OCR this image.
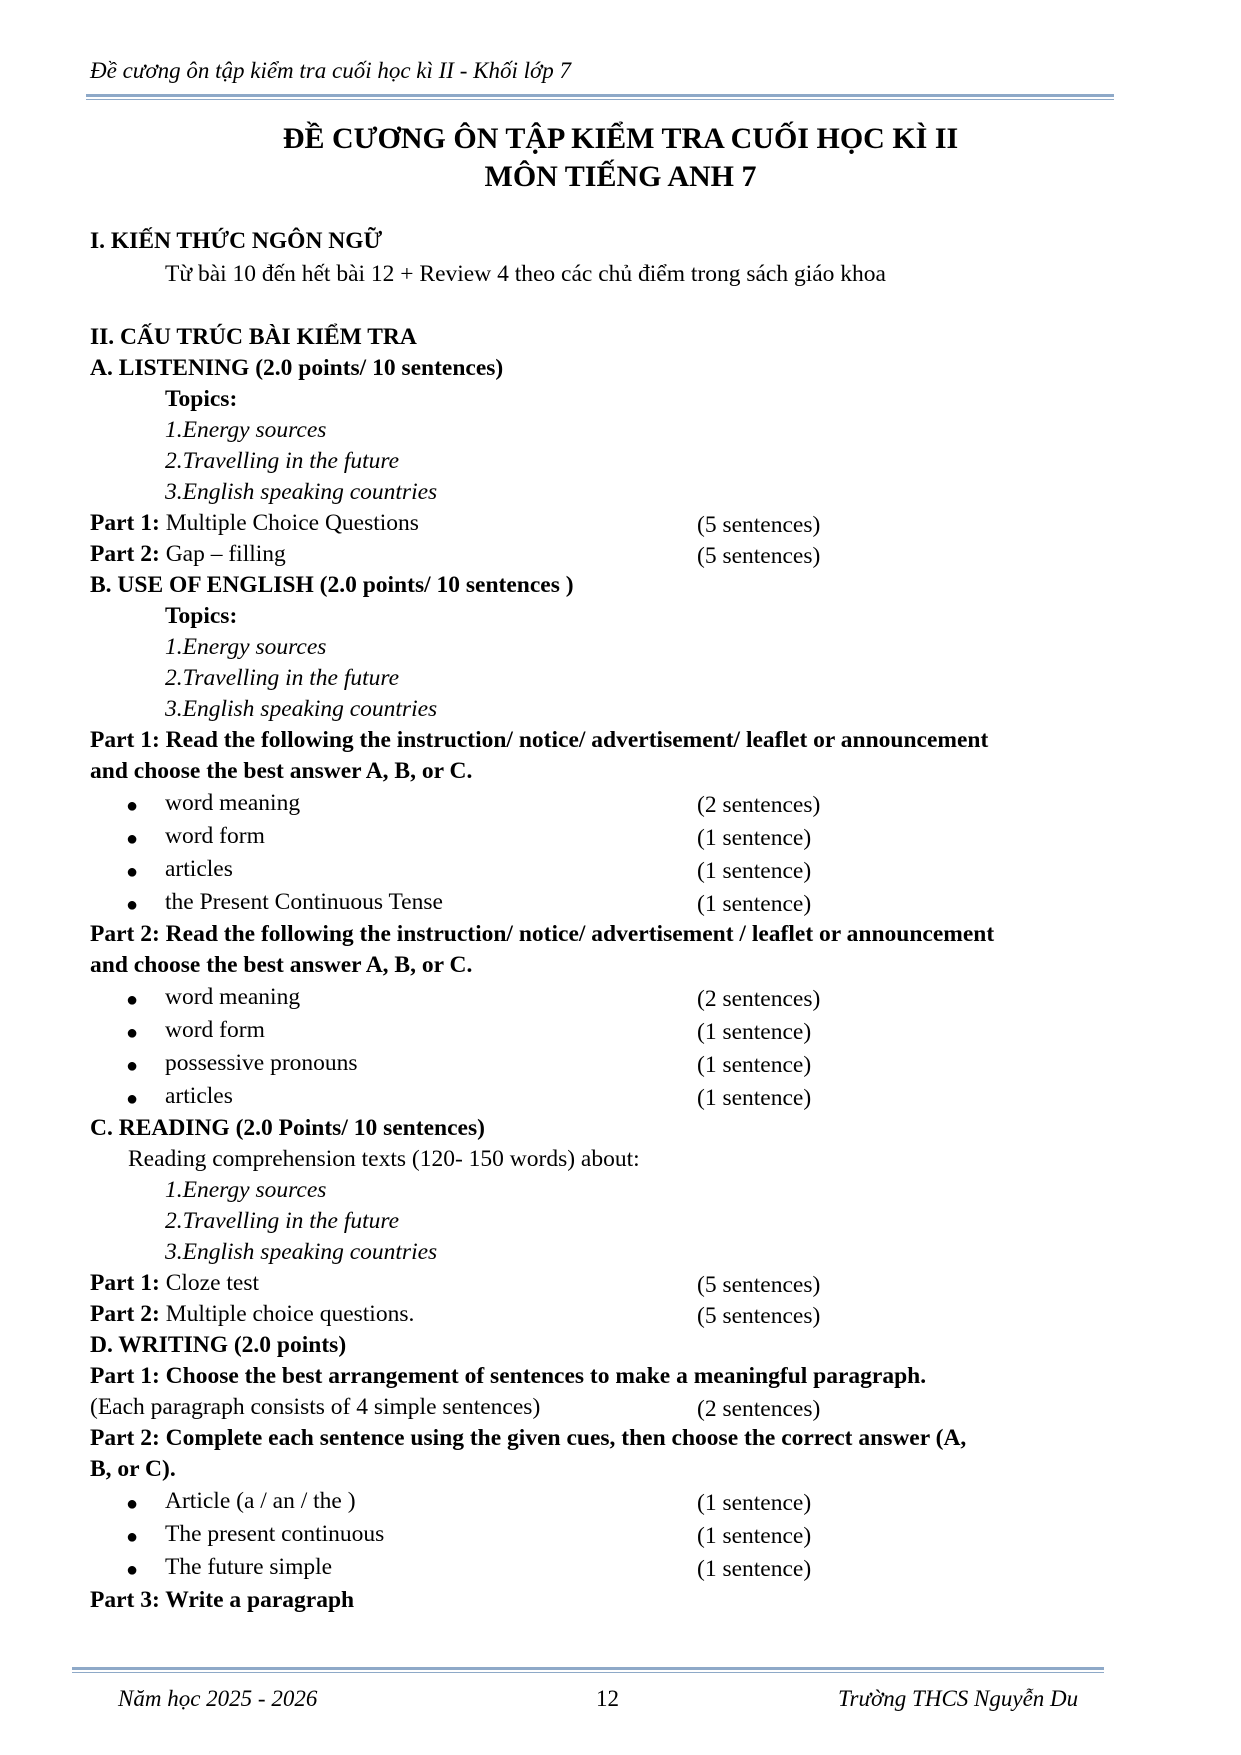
Đề cương ôn tập kiểm tra cuối học kì II - Khối lớp 7
ĐỀ CƯƠNG ÔN TẬP KIỂM TRA CUỐI HỌC KÌ II
MÔN TIẾNG ANH 7
I. KIẾN THỨC NGÔN NGỮ
Từ bài 10 đến hết bài 12 + Review 4 theo các chủ điểm trong sách giáo khoa
II. CẤU TRÚC BÀI KIỂM TRA
A. LISTENING (2.0 points/ 10 sentences)
Topics:
1.Energy sources
2.Travelling in the future
3.English speaking countries
Part 1: Multiple Choice Questions	(5 sentences)
Part 2: Gap – filling	(5 sentences)
B. USE OF ENGLISH (2.0 points/ 10 sentences )
Topics:
1.Energy sources
2.Travelling in the future
3.English speaking countries
Part 1: Read the following the instruction/ notice/ advertisement/ leaflet or announcement
and choose the best answer A, B, or C.
● word meaning	(2 sentences)
● word form	(1 sentence)
● articles	(1 sentence)
● the Present Continuous Tense	(1 sentence)
Part 2: Read the following the instruction/ notice/ advertisement / leaflet or announcement
and choose the best answer A, B, or C.
● word meaning	(2 sentences)
● word form	(1 sentence)
● possessive pronouns	(1 sentence)
● articles	(1 sentence)
C. READING (2.0 Points/ 10 sentences)
Reading comprehension texts (120- 150 words) about:
1.Energy sources
2.Travelling in the future
3.English speaking countries
Part 1: Cloze test	(5 sentences)
Part 2: Multiple choice questions.	(5 sentences)
D. WRITING (2.0 points)
Part 1: Choose the best arrangement of sentences to make a meaningful paragraph.
(Each paragraph consists of 4 simple sentences)	(2 sentences)
Part 2: Complete each sentence using the given cues, then choose the correct answer (A,
B, or C).
● Article (a / an / the )	(1 sentence)
● The present continuous	(1 sentence)
● The future simple	(1 sentence)
Part 3: Write a paragraph
Năm học 2025 - 2026	12	Trường THCS Nguyễn Du
